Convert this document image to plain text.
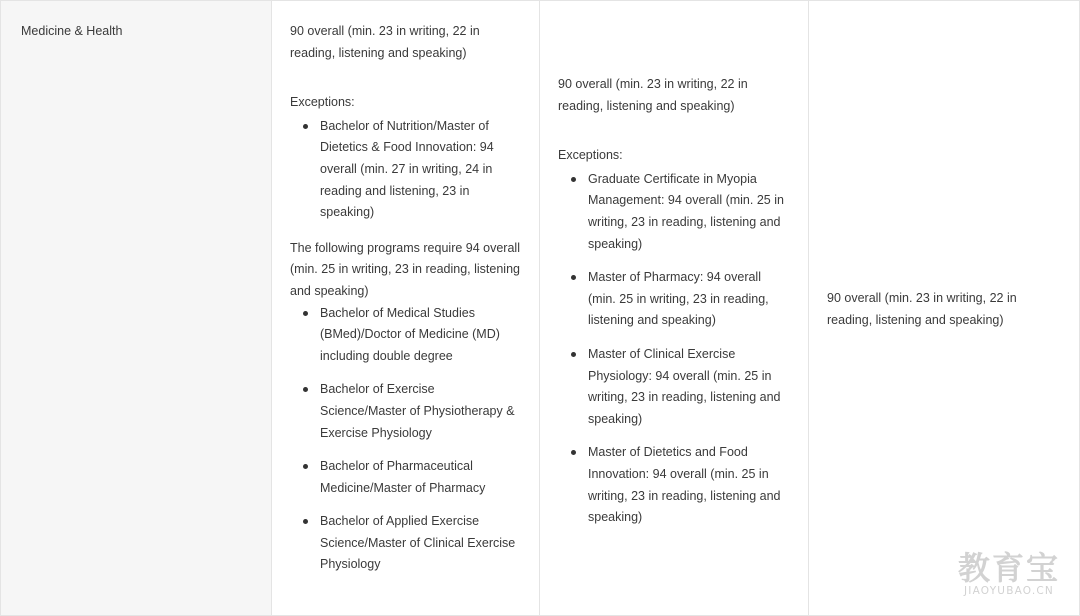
Medicine & Health	90 overall (min. 23 in writing, 22 in reading, listening and speaking)

Exceptions:

Bachelor of Nutrition/Master of Dietetics & Food Innovation: 94 overall (min. 27 in writing, 24 in reading and listening, 23 in speaking)

The following programs require 94 overall (min. 25 in writing, 23 in reading, listening and speaking)

Bachelor of Medical Studies (BMed)/Doctor of Medicine (MD) including double degree
Bachelor of Exercise Science/Master of Physiotherapy & Exercise Physiology
Bachelor of Pharmaceutical Medicine/Master of Pharmacy
Bachelor of Applied Exercise Science/Master of Clinical Exercise Physiology

90 overall (min. 23 in writing, 22 in reading, listening and speaking)

Exceptions:

Graduate Certificate in Myopia Management: 94 overall (min. 25 in writing, 23 in reading, listening and speaking)
Master of Pharmacy: 94 overall (min. 25 in writing, 23 in reading, listening and speaking)
Master of Clinical Exercise Physiology: 94 overall (min. 25 in writing, 23 in reading, listening and speaking)
Master of Dietetics and Food Innovation: 94 overall (min. 25 in writing, 23 in reading, listening and speaking)

90 overall (min. 23 in writing, 22 in reading, listening and speaking)

教育宝
JIAOYUBAO.CN
